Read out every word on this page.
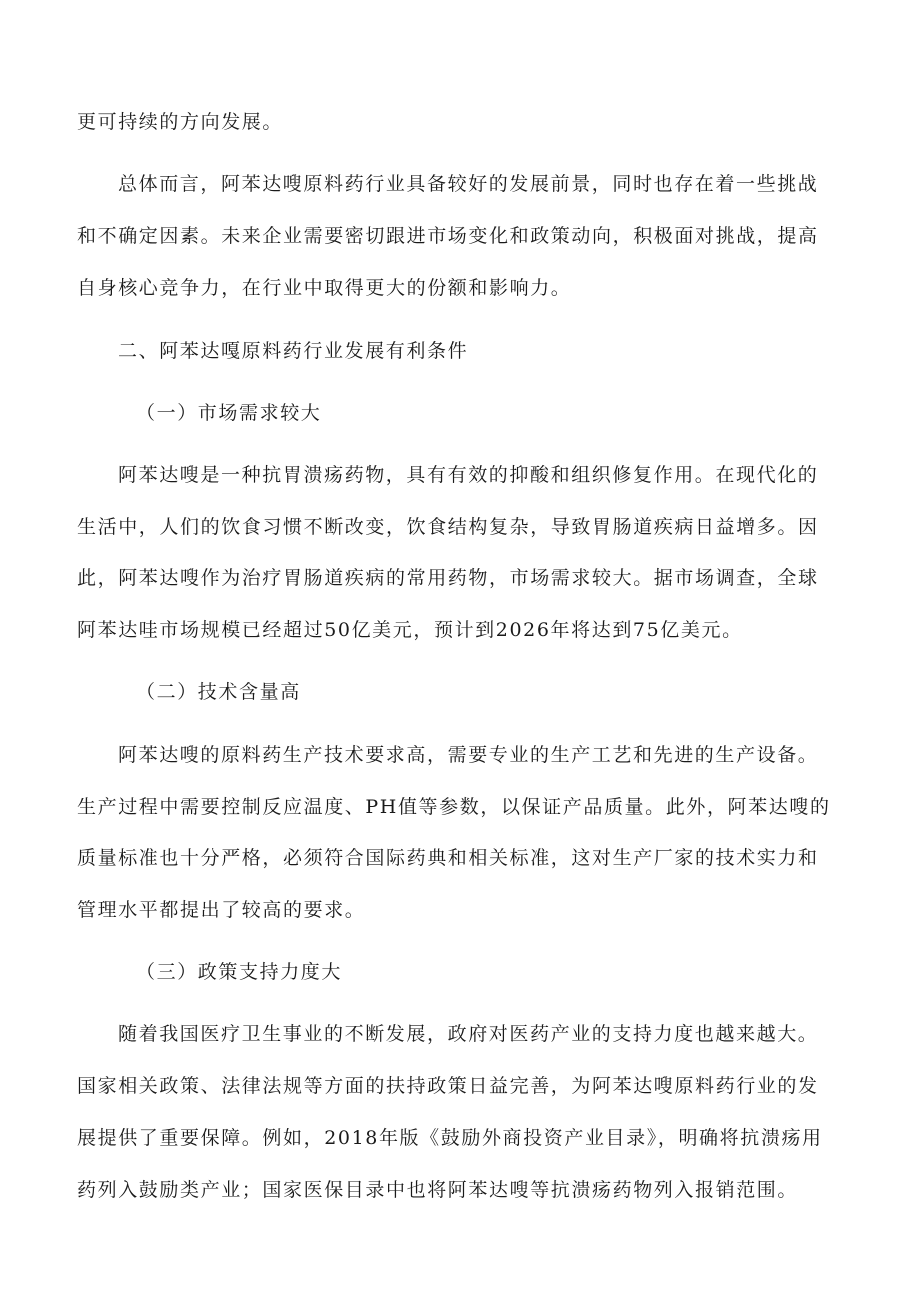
更可持续的方向发展。
总体而言，阿苯达嗖原料药行业具备较好的发展前景，同时也存在着一些挑战
和不确定因素。未来企业需要密切跟进市场变化和政策动向，积极面对挑战，提高
自身核心竞争力，在行业中取得更大的份额和影响力。
二、阿苯达嘎原料药行业发展有利条件
（一）市场需求较大
阿苯达嗖是一种抗胃溃疡药物，具有有效的抑酸和组织修复作用。在现代化的
生活中，人们的饮食习惯不断改变，饮食结构复杂，导致胃肠道疾病日益增多。因
此，阿苯达嗖作为治疗胃肠道疾病的常用药物，市场需求较大。据市场调查，全球
阿苯达哇市场规模已经超过50亿美元，预计到2026年将达到75亿美元。
（二）技术含量高
阿苯达嗖的原料药生产技术要求高，需要专业的生产工艺和先进的生产设备。
生产过程中需要控制反应温度、PH值等参数，以保证产品质量。此外，阿苯达嗖的
质量标准也十分严格，必须符合国际药典和相关标准，这对生产厂家的技术实力和
管理水平都提出了较高的要求。
（三）政策支持力度大
随着我国医疗卫生事业的不断发展，政府对医药产业的支持力度也越来越大。
国家相关政策、法律法规等方面的扶持政策日益完善，为阿苯达嗖原料药行业的发
展提供了重要保障。例如，2018年版《鼓励外商投资产业目录》，明确将抗溃疡用
药列入鼓励类产业；国家医保目录中也将阿苯达嗖等抗溃疡药物列入报销范围。
